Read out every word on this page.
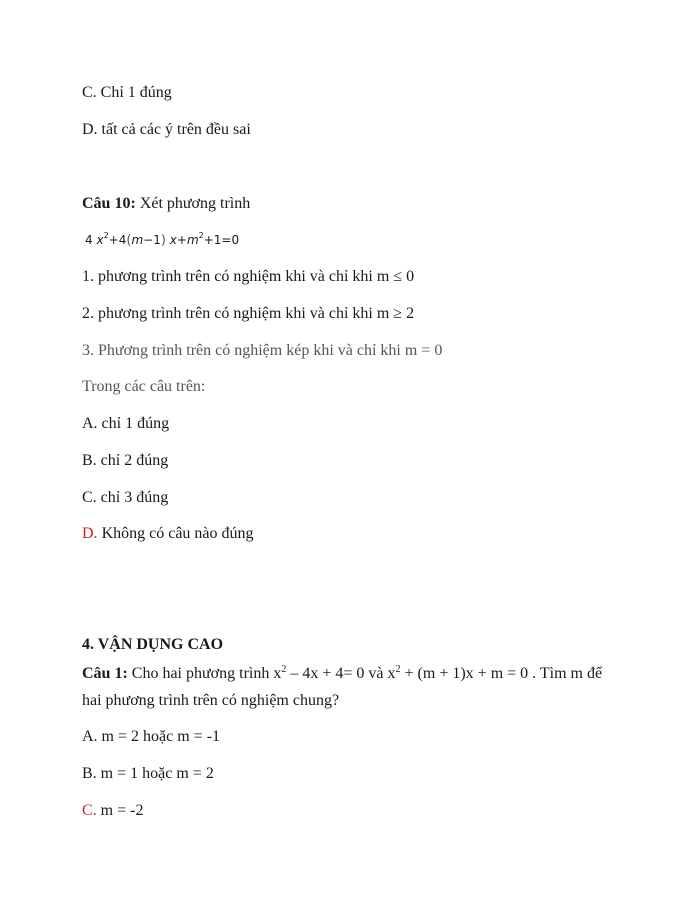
C. Chỉ 1 đúng
D. tất cả các ý trên đều sai
Câu 10: Xét phương trình
4 $x^2+4(m-1)$ $x+m^2+1=0$
1. phương trình trên có nghiệm khi và chỉ khi m ≤ 0
2. phương trình trên có nghiệm khi và chỉ khi m ≥ 2
3. Phương trình trên có nghiệm kép khi và chỉ khi m = 0
Trong các câu trên:
A. chỉ 1 đúng
B. chỉ 2 đúng
C. chỉ 3 đúng
D. Không có câu nào đúng
4. VẬN DỤNG CAO
Câu 1: Cho hai phương trình $x^2 - 4x + 4= 0$ và $x^2 + (m + 1)x + m = 0$ . Tìm m để
hai phương trình trên có nghiệm chung?
A. m = 2 hoặc m = -1
B. m = 1 hoặc m = 2
C. m = -2
